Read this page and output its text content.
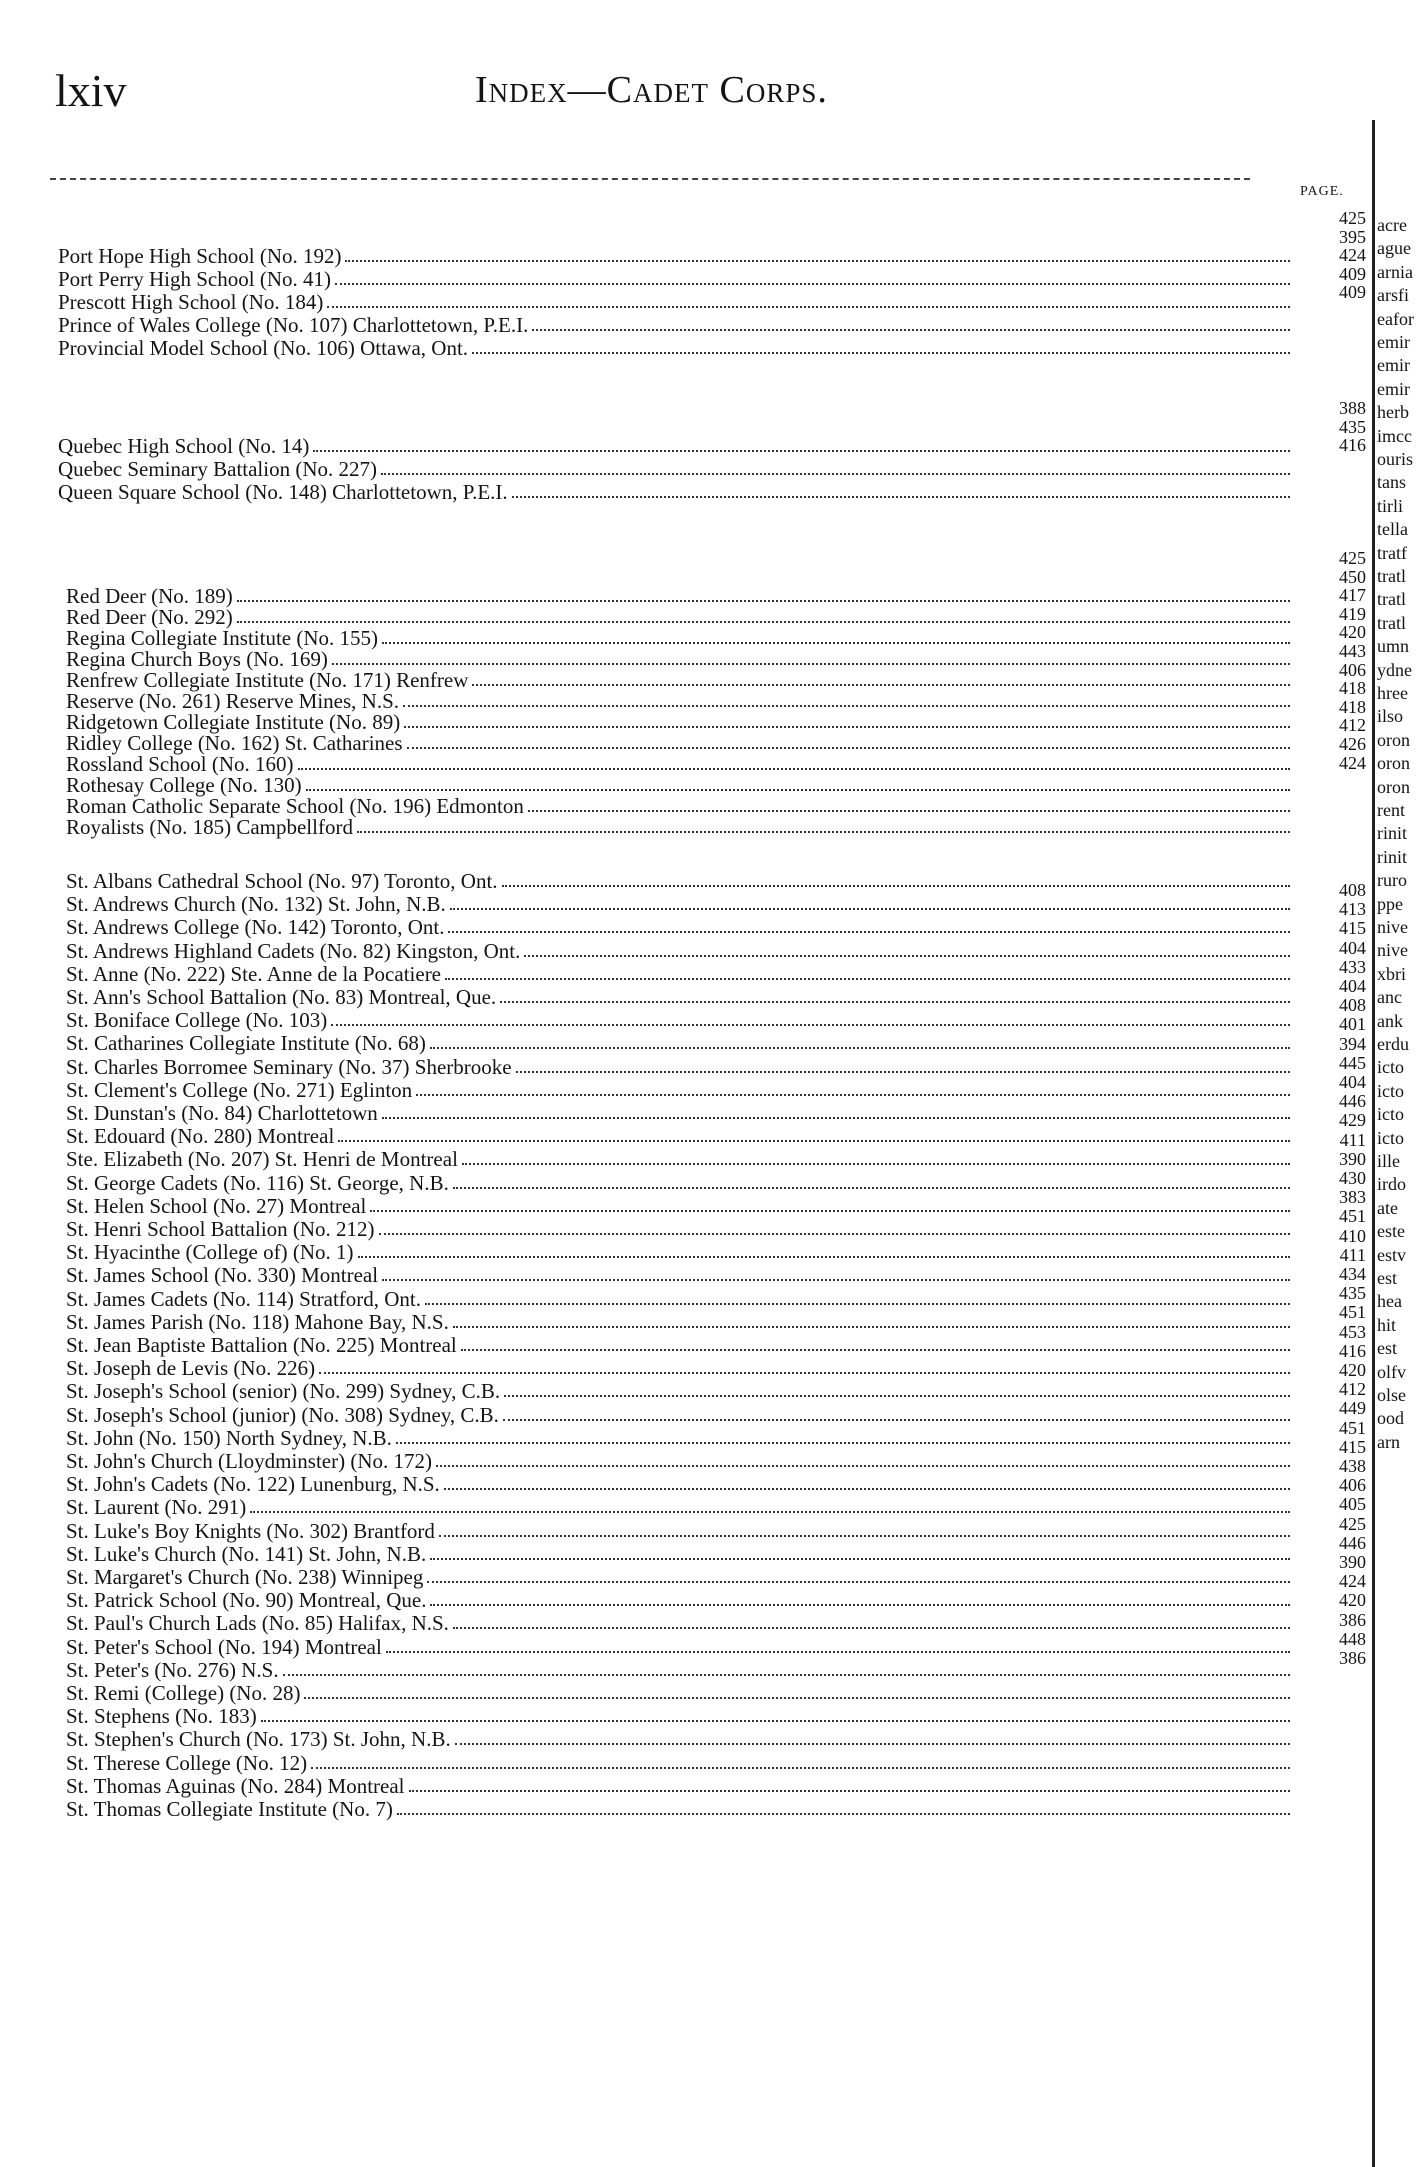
lxiv	Index—Cadet Corps.
PAGE.
Port Hope High School (No. 192)
Port Perry High School (No. 41)
Prescott High School (No. 184)
Prince of Wales College (No. 107) Charlottetown, P.E.I.
Provincial Model School (No. 106) Ottawa, Ont.
Quebec High School (No. 14)
Quebec Seminary Battalion (No. 227)
Queen Square School (No. 148) Charlottetown, P.E.I.
Red Deer (No. 189)
Red Deer (No. 292)
Regina Collegiate Institute (No. 155)
Regina Church Boys (No. 169)
Renfrew Collegiate Institute (No. 171) Renfrew
Reserve (No. 261) Reserve Mines, N.S.
Ridgetown Collegiate Institute (No. 89)
Ridley College (No. 162) St. Catharines
Rossland School (No. 160)
Rothesay College (No. 130)
Roman Catholic Separate School (No. 196) Edmonton
Royalists (No. 185) Campbellford
St. Albans Cathedral School (No. 97) Toronto, Ont.
St. Andrews Church (No. 132) St. John, N.B.
St. Andrews College (No. 142) Toronto, Ont.
St. Andrews Highland Cadets (No. 82) Kingston, Ont.
St. Anne (No. 222) Ste. Anne de la Pocatiere
St. Ann's School Battalion (No. 83) Montreal, Que.
St. Boniface College (No. 103)
St. Catharines Collegiate Institute (No. 68)
St. Charles Borromee Seminary (No. 37) Sherbrooke
St. Clement's College (No. 271) Eglinton
St. Dunstan's (No. 84) Charlottetown
St. Edouard (No. 280) Montreal
Ste. Elizabeth (No. 207) St. Henri de Montreal
St. George Cadets (No. 116) St. George, N.B.
St. Helen School (No. 27) Montreal
St. Henri School Battalion (No. 212)
St. Hyacinthe (College of) (No. 1)
St. James School (No. 330) Montreal
St. James Cadets (No. 114) Stratford, Ont.
St. James Parish (No. 118) Mahone Bay, N.S.
St. Jean Baptiste Battalion (No. 225) Montreal
St. Joseph de Levis (No. 226)
St. Joseph's School (senior) (No. 299) Sydney, C.B.
St. Joseph's School (junior) (No. 308) Sydney, C.B.
St. John (No. 150) North Sydney, N.B.
St. John's Church (Lloydminster) (No. 172)
St. John's Cadets (No. 122) Lunenburg, N.S.
St. Laurent (No. 291)
St. Luke's Boy Knights (No. 302) Brantford
St. Luke's Church (No. 141) St. John, N.B.
St. Margaret's Church (No. 238) Winnipeg
St. Patrick School (No. 90) Montreal, Que.
St. Paul's Church Lads (No. 85) Halifax, N.S.
St. Peter's School (No. 194) Montreal
St. Peter's (No. 276) N.S.
St. Remi (College) (No. 28)
St. Stephens (No. 183)
St. Stephen's Church (No. 173) St. John, N.B.
St. Therese College (No. 12)
St. Thomas Aguinas (No. 284) Montreal
St. Thomas Collegiate Institute (No. 7)
425
395
424
409
409
388
435
416
425
450
417
419
420
443
406
418
418
412
426
424
408
413
415
404
433
404
408
401
394
445
404
446
429
411
390
430
383
451
410
411
434
435
451
453
416
420
412
449
451
415
438
406
405
425
446
390
424
420
386
448
386
acre
ague
arnia
arsfi
eafor
emir
emir
emir
herb
imcc
ouris
tans
tirli
tella
tratf
tratl
tratl
tratl
umn
ydne
hree
ilso
oron
oron
oron
rent
rinit
rinit
ruro
ppe
nive
nive
xbri
anc
ank
erdu
icto
icto
icto
icto
ille
irdo
ate
este
estv
est
hea
hit
est
olfv
olse
ood
arn
